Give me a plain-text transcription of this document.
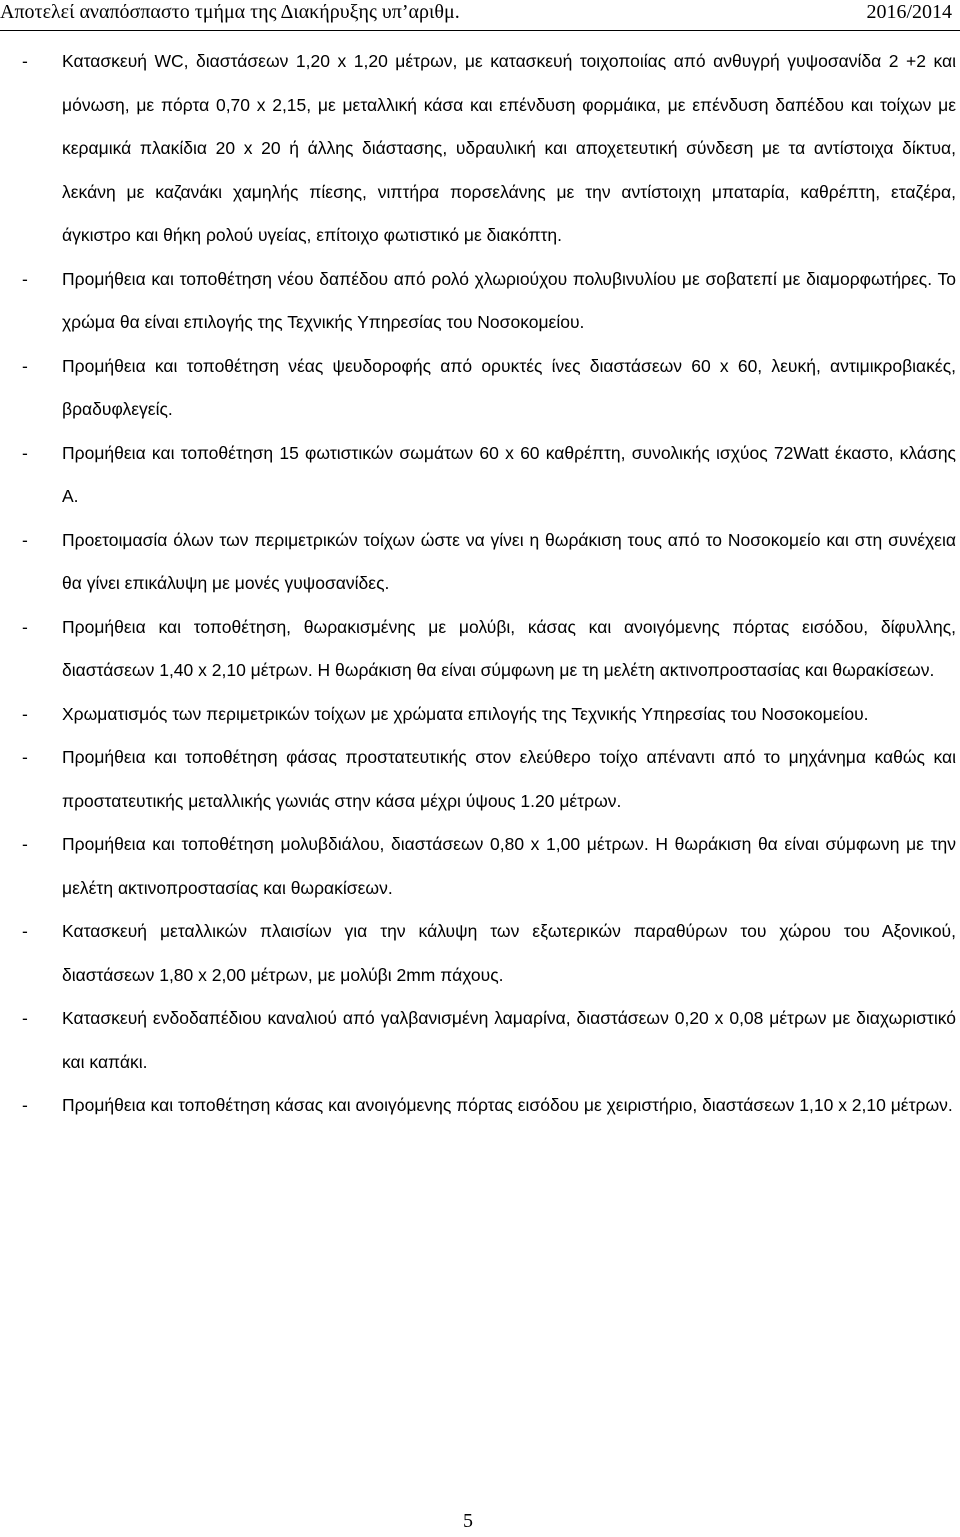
Αποτελεί αναπόσπαστο τμήμα της Διακήρυξης υπ’αριθμ.	2016/2014
- Κατασκευή WC, διαστάσεων 1,20 x 1,20 μέτρων, με κατασκευή τοιχοποιίας από ανθυγρή γυψοσανίδα 2 +2 και μόνωση, με πόρτα 0,70 x 2,15, με μεταλλική κάσα και επένδυση φορμάικα, με επένδυση δαπέδου και τοίχων με κεραμικά πλακίδια 20 x 20 ή άλλης διάστασης, υδραυλική και αποχετευτική σύνδεση με τα αντίστοιχα δίκτυα, λεκάνη με καζανάκι χαμηλής πίεσης, νιπτήρα πορσελάνης με την αντίστοιχη μπαταρία, καθρέπτη, εταζέρα, άγκιστρο και θήκη ρολού υγείας, επίτοιχο φωτιστικό με διακόπτη.
- Προμήθεια και τοποθέτηση νέου δαπέδου από ρολό χλωριούχου πολυβινυλίου με σοβατεπί με διαμορφωτήρες. Το χρώμα θα είναι επιλογής της Τεχνικής Υπηρεσίας του Νοσοκομείου.
- Προμήθεια και τοποθέτηση νέας ψευδοροφής από ορυκτές ίνες διαστάσεων 60 x 60, λευκή, αντιμικροβιακές, βραδυφλεγείς.
- Προμήθεια και τοποθέτηση 15 φωτιστικών σωμάτων 60 x 60 καθρέπτη, συνολικής ισχύος 72Watt έκαστο, κλάσης Α.
- Προετοιμασία όλων των περιμετρικών τοίχων ώστε να γίνει η θωράκιση τους από το Νοσοκομείο και στη συνέχεια θα γίνει επικάλυψη με μονές γυψοσανίδες.
- Προμήθεια και τοποθέτηση, θωρακισμένης με μολύβι, κάσας και ανοιγόμενης πόρτας εισόδου, δίφυλλης, διαστάσεων 1,40 x 2,10 μέτρων. Η θωράκιση θα είναι σύμφωνη με τη μελέτη ακτινοπροστασίας και θωρακίσεων.
- Χρωματισμός των περιμετρικών τοίχων με χρώματα επιλογής της Τεχνικής Υπηρεσίας του Νοσοκομείου.
- Προμήθεια και τοποθέτηση φάσας προστατευτικής στον ελεύθερο τοίχο απέναντι από το μηχάνημα καθώς και προστατευτικής μεταλλικής γωνιάς στην κάσα μέχρι ύψους 1.20 μέτρων.
- Προμήθεια και τοποθέτηση μολυβδιάλου, διαστάσεων 0,80 x 1,00 μέτρων. Η θωράκιση θα είναι σύμφωνη με την μελέτη ακτινοπροστασίας και θωρακίσεων.
- Κατασκευή μεταλλικών πλαισίων για την κάλυψη των εξωτερικών παραθύρων του χώρου του Αξονικού, διαστάσεων 1,80 x 2,00 μέτρων, με μολύβι 2mm πάχους.
- Κατασκευή ενδοδαπέδιου καναλιού από γαλβανισμένη λαμαρίνα, διαστάσεων 0,20 x 0,08 μέτρων με διαχωριστικό και καπάκι.
- Προμήθεια και τοποθέτηση κάσας και ανοιγόμενης πόρτας εισόδου με χειριστήριο, διαστάσεων 1,10 x 2,10 μέτρων.
5
